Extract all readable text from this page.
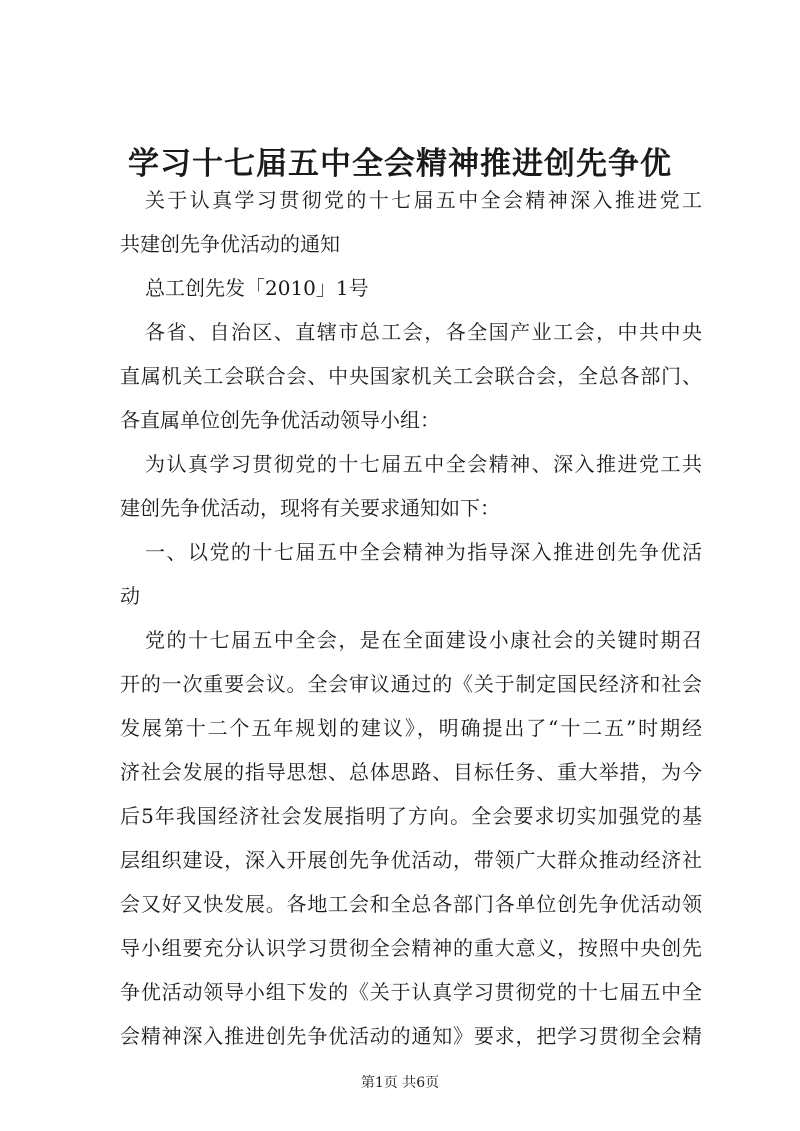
学习十七届五中全会精神推进创先争优
关于认真学习贯彻党的十七届五中全会精神深入推进党工
共建创先争优活动的通知
总工创先发「2010」1号
各省、自治区、直辖市总工会，各全国产业工会，中共中央
直属机关工会联合会、中央国家机关工会联合会，全总各部门、
各直属单位创先争优活动领导小组：
为认真学习贯彻党的十七届五中全会精神、深入推进党工共
建创先争优活动，现将有关要求通知如下：
一、以党的十七届五中全会精神为指导深入推进创先争优活
动
党的十七届五中全会，是在全面建设小康社会的关键时期召
开的一次重要会议。全会审议通过的《关于制定国民经济和社会
发展第十二个五年规划的建议》，明确提出了“十二五”时期经
济社会发展的指导思想、总体思路、目标任务、重大举措，为今
后5年我国经济社会发展指明了方向。全会要求切实加强党的基
层组织建设，深入开展创先争优活动，带领广大群众推动经济社
会又好又快发展。各地工会和全总各部门各单位创先争优活动领
导小组要充分认识学习贯彻全会精神的重大意义，按照中央创先
争优活动领导小组下发的《关于认真学习贯彻党的十七届五中全
会精神深入推进创先争优活动的通知》要求，把学习贯彻全会精
第1页 共6页
